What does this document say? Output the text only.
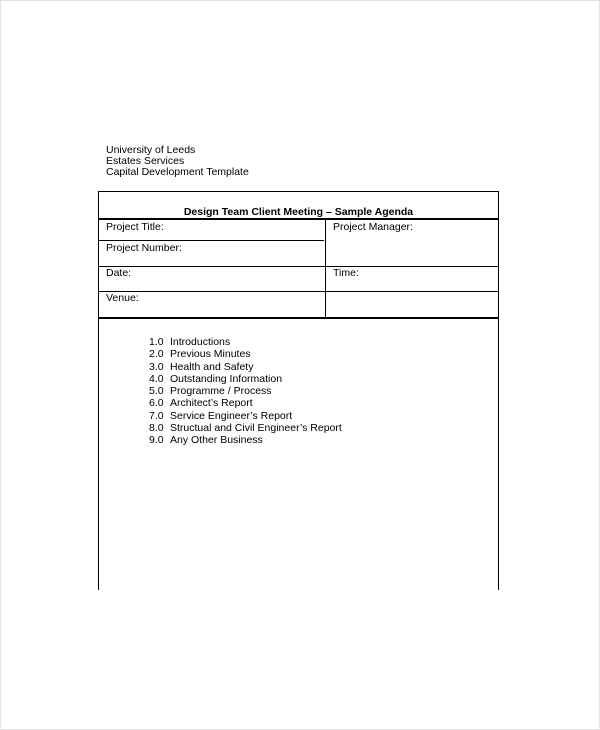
University of Leeds
Estates Services
Capital Development Template
Design Team Client Meeting – Sample Agenda
Project Title:	Project Manager:
Project Number:
Date:	Time:
Venue:
1.0 Introductions
2.0 Previous Minutes
3.0 Health and Safety
4.0 Outstanding Information
5.0 Programme / Process
6.0 Architect’s Report
7.0 Service Engineer’s Report
8.0 Structual and Civil Engineer’s Report
9.0 Any Other Business
